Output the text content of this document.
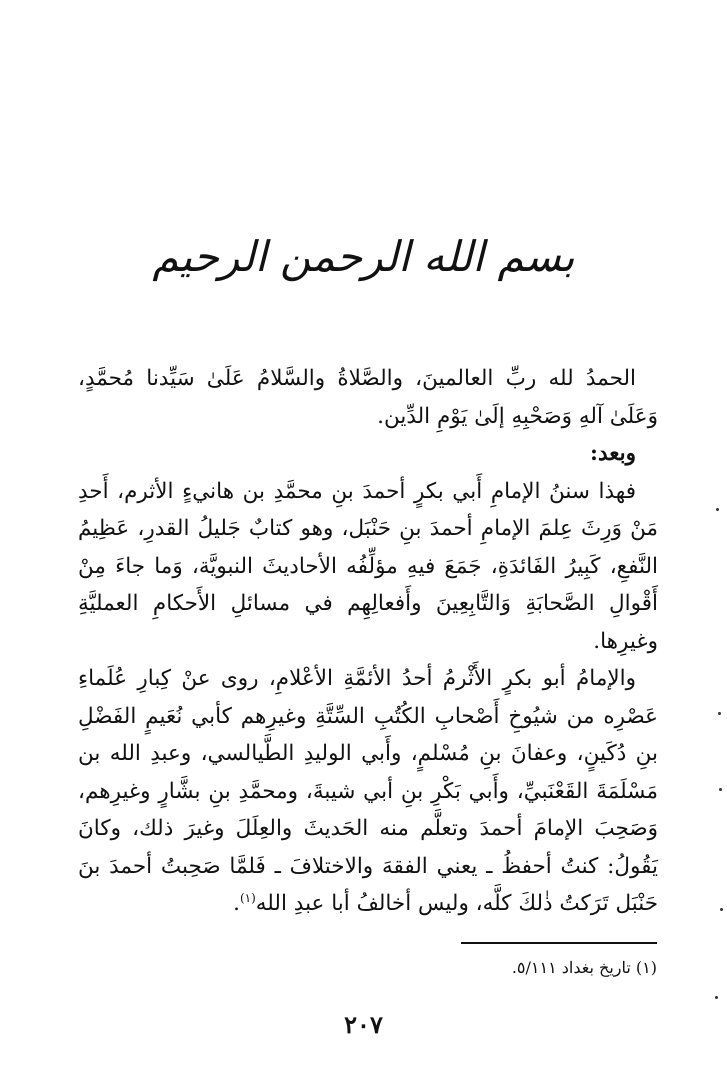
بسم الله الرحمن الرحيم

الحمدُ لله ربِّ العالمينَ، والصَّلاةُ والسَّلامُ عَلَىٰ سَيِّدنا مُحمَّدٍ، وَعَلَىٰ آلهِ وَصَحْبِهِ إلَىٰ يَوْمِ الدِّين.

وبعد:

فهذا سننُ الإمامِ أَبي بكرٍ أحمدَ بنِ محمَّدِ بن هانيءٍ الأثرم، أَحدِ مَنْ وَرِثَ عِلمَ الإمامِ أحمدَ بنِ حَنْبَل، وهو كتابٌ جَليلُ القدرِ، عَظِيمُ النَّفعِ، كَبِيرُ الفَائدَةِ، جَمَعَ فيهِ مؤلِّفُه الأحاديثَ النبويَّة، وَما جاءَ مِنْ أَقْوالِ الصَّحابَةِ وَالتَّابِعِينَ وأَفعالِهِم في مسائلِ الأَحكامِ العمليَّةِ وغيرِها.

والإمامُ أبو بكرٍ الأَثْرمُ أحدُ الأئمَّةِ الأعْلامِ، روى عنْ كِبارِ عُلَماءِ عَصْرِه من شيُوخِ أَصْحابِ الكُتُبِ السِّتَّةِ وغيرِهم كأبي نُعَيمٍ الفَضْلِ بنِ دُكَينٍ، وعفانَ بنِ مُسْلمٍ، وأَبي الوليدِ الطَّيالسي، وعبدِ الله بن مَسْلَمَةَ القَعْنَبيِّ، وأَبي بَكْرِ بنِ أبي شيبةَ، ومحمَّدِ بنِ بشَّارٍ وغيرِهم، وَصَحِبَ الإمامَ أحمدَ وتعلَّم منه الحَديثَ والعِلَلَ وغيرَ ذلك، وكانَ يَقُولُ: كنتُ أحفظُ ـ يعني الفقهَ والاختلافَ ـ فَلمَّا صَحِبتُ أحمدَ بنَ حَنْبَل تَرَكتُ ذٰلكَ كلَّه، وليس أخالفُ أبا عبدِ الله$^{(١)}$.

(١) تاريخ بغداد ٥/١١١.
٢٠٧
